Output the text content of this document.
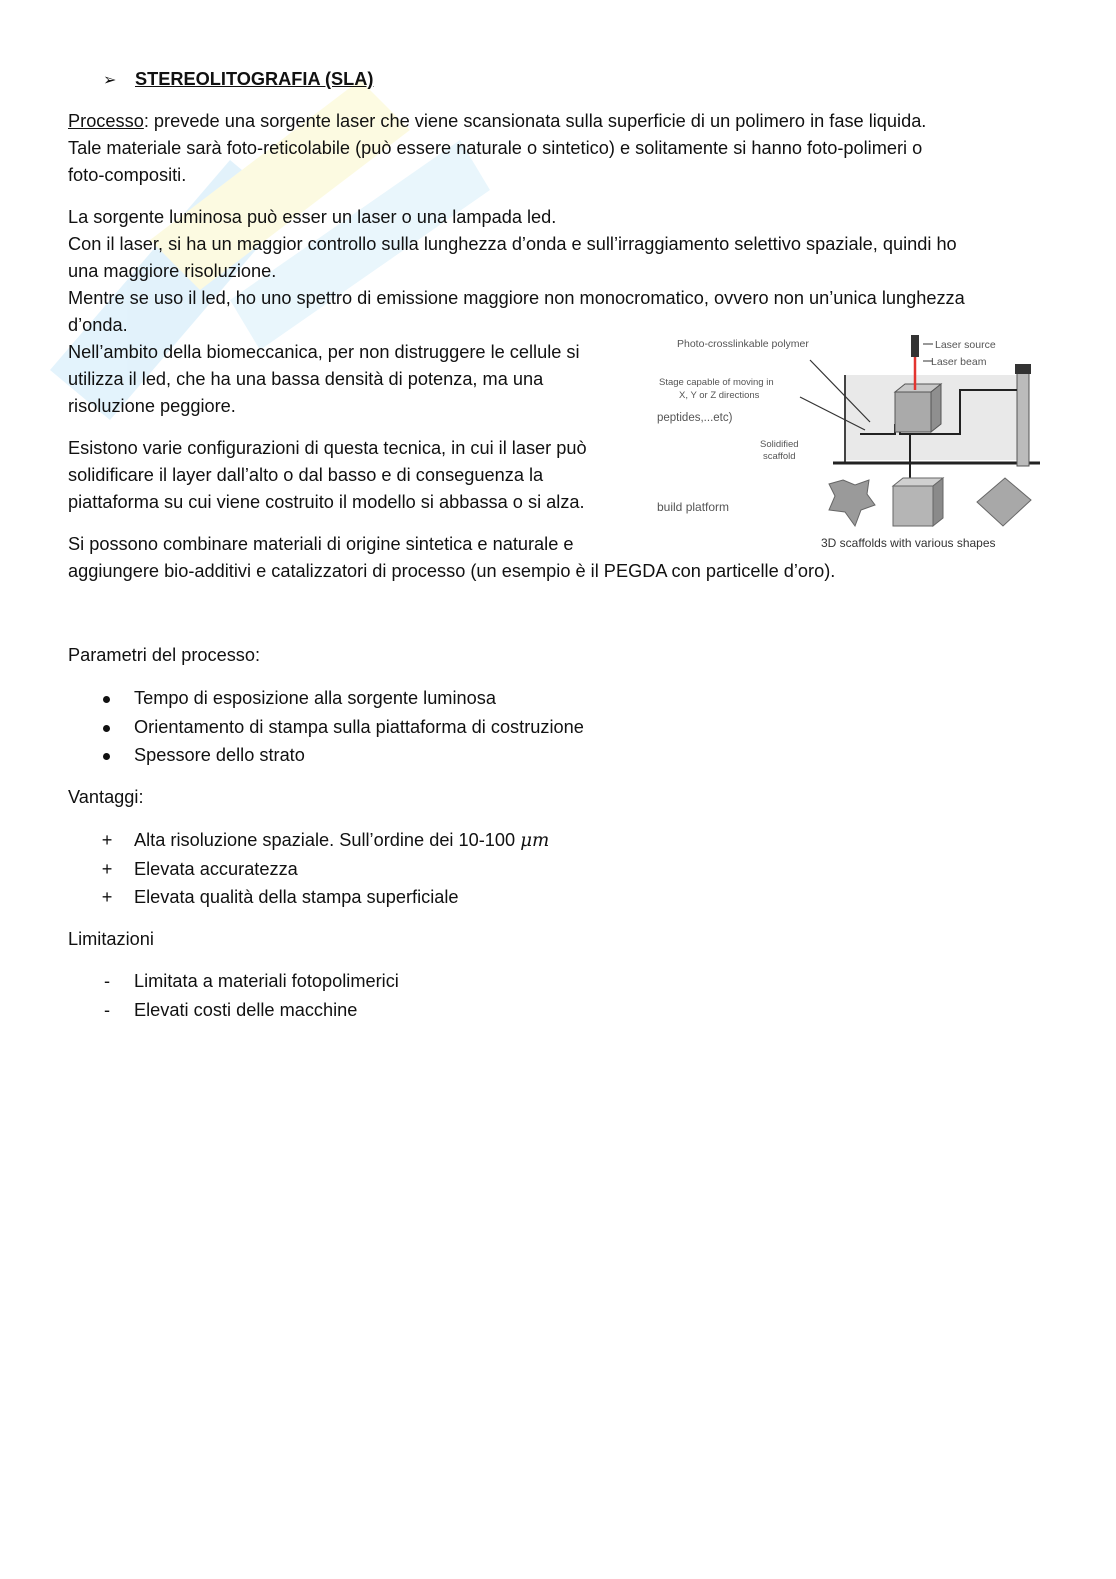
➢ STEREOLITOGRAFIA (SLA)

Processo: prevede una sorgente laser che viene scansionata sulla superficie di un polimero in fase liquida.

Tale materiale sarà foto-reticolabile (può essere naturale o sintetico) e solitamente si hanno foto-polimeri o

foto-compositi.

La sorgente luminosa può esser un laser o una lampada led.

Con il laser, si ha un maggior controllo sulla lunghezza d’onda e sull’irraggiamento selettivo spaziale, quindi ho

una maggiore risoluzione.

Mentre se uso il led, ho uno spettro di emissione maggiore non monocromatico, ovvero non un’unica lunghezza

d’onda.

Nell’ambito della biomeccanica, per non distruggere le cellule si

utilizza il led, che ha una bassa densità di potenza, ma una

risoluzione peggiore.

Esistono varie configurazioni di questa tecnica, in cui il laser può

solidificare il layer dall’alto o dal basso e di conseguenza la

piattaforma su cui viene costruito il modello si abbassa o si alza.

Si possono combinare materiali di origine sintetica e naturale e

aggiungere bio-additivi e catalizzatori di processo (un esempio è il PEGDA con particelle d’oro).

Parametri del processo:

Tempo di esposizione alla sorgente luminosa
Orientamento di stampa sulla piattaforma di costruzione
Spessore dello strato

Vantaggi:

+ Alta risoluzione spaziale. Sull’ordine dei 10-100 μm
+ Elevata accuratezza
+ Elevata qualità della stampa superficiale

Limitazioni

- Limitata a materiali fotopolimerici
- Elevati costi delle macchine
Photo-crosslinkable polymer	Laser source
Laser beam
Stage capable of moving in
X, Y or Z directions
peptides,...etc)
Solidified
scaffold
build platform
3D scaffolds with various shapes
